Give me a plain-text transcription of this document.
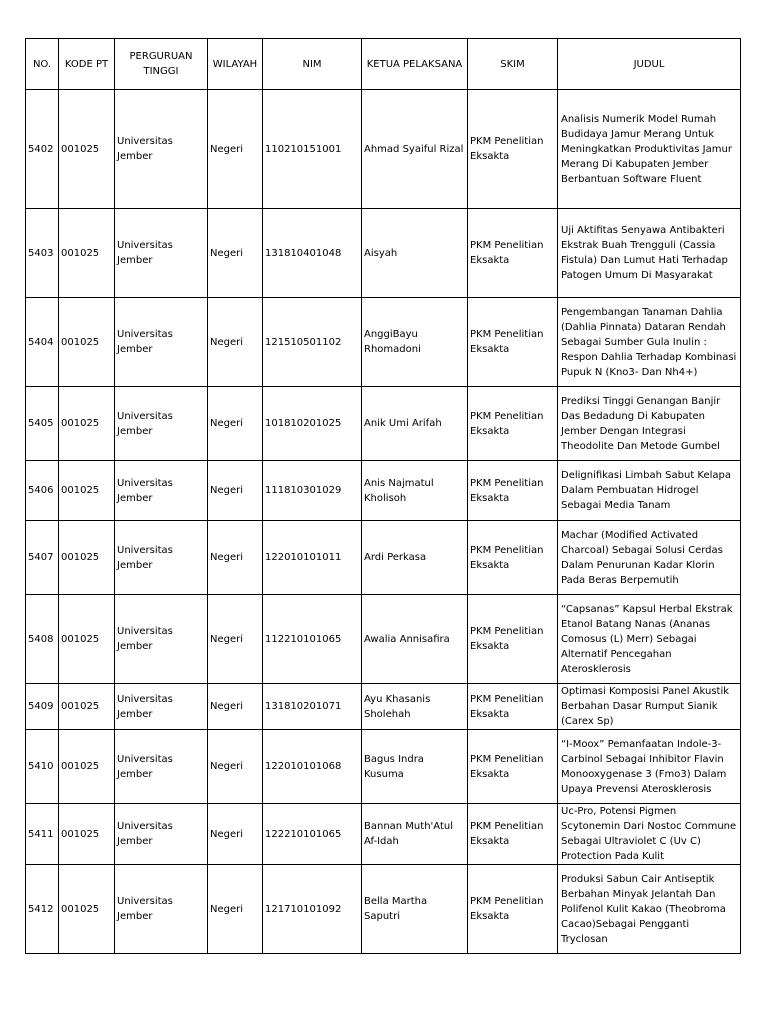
NO.	KODE PT	PERGURUAN TINGGI	WILAYAH	NIM	KETUA PELAKSANA	SKIM	JUDUL
5402	001025	Universitas Jember	Negeri	110210151001	Ahmad Syaiful Rizal	PKM Penelitian Eksakta	Analisis Numerik Model Rumah Budidaya Jamur Merang Untuk Meningkatkan Produktivitas Jamur Merang Di Kabupaten Jember Berbantuan Software Fluent
5403	001025	Universitas Jember	Negeri	131810401048	Aisyah	PKM Penelitian Eksakta	Uji Aktifitas Senyawa Antibakteri Ekstrak Buah Trengguli (Cassia Fistula) Dan Lumut Hati Terhadap Patogen Umum Di Masyarakat
5404	001025	Universitas Jember	Negeri	121510501102	AnggiBayu Rhomadoni	PKM Penelitian Eksakta	Pengembangan Tanaman Dahlia (Dahlia Pinnata) Dataran Rendah Sebagai Sumber Gula Inulin : Respon Dahlia Terhadap Kombinasi Pupuk N (Kno3- Dan Nh4+)
5405	001025	Universitas Jember	Negeri	101810201025	Anik Umi Arifah	PKM Penelitian Eksakta	Prediksi Tinggi Genangan Banjir Das Bedadung Di Kabupaten Jember Dengan Integrasi Theodolite Dan Metode Gumbel
5406	001025	Universitas Jember	Negeri	111810301029	Anis Najmatul Kholisoh	PKM Penelitian Eksakta	Delignifikasi Limbah Sabut Kelapa Dalam Pembuatan Hidrogel Sebagai Media Tanam
5407	001025	Universitas Jember	Negeri	122010101011	Ardi Perkasa	PKM Penelitian Eksakta	Machar (Modified Activated Charcoal) Sebagai Solusi Cerdas Dalam Penurunan Kadar Klorin Pada Beras Berpemutih
5408	001025	Universitas Jember	Negeri	112210101065	Awalia Annisafira	PKM Penelitian Eksakta	“Capsanas” Kapsul Herbal Ekstrak Etanol Batang Nanas (Ananas Comosus (L) Merr) Sebagai Alternatif Pencegahan Aterosklerosis
5409	001025	Universitas Jember	Negeri	131810201071	Ayu Khasanis Sholehah	PKM Penelitian Eksakta	Optimasi Komposisi Panel Akustik Berbahan Dasar Rumput Sianik (Carex Sp)
5410	001025	Universitas Jember	Negeri	122010101068	Bagus Indra Kusuma	PKM Penelitian Eksakta	“I-Moox” Pemanfaatan Indole-3-Carbinol Sebagai Inhibitor Flavin Monooxygenase 3 (Fmo3) Dalam Upaya Prevensi Aterosklerosis
5411	001025	Universitas Jember	Negeri	122210101065	Bannan Muth'Atul Af-Idah	PKM Penelitian Eksakta	Uc-Pro, Potensi Pigmen Scytonemin Dari Nostoc Commune Sebagai Ultraviolet C (Uv C) Protection Pada Kulit
5412	001025	Universitas Jember	Negeri	121710101092	Bella Martha Saputri	PKM Penelitian Eksakta	Produksi Sabun Cair Antiseptik Berbahan Minyak Jelantah Dan Polifenol Kulit Kakao (Theobroma Cacao)Sebagai Pengganti Tryclosan
